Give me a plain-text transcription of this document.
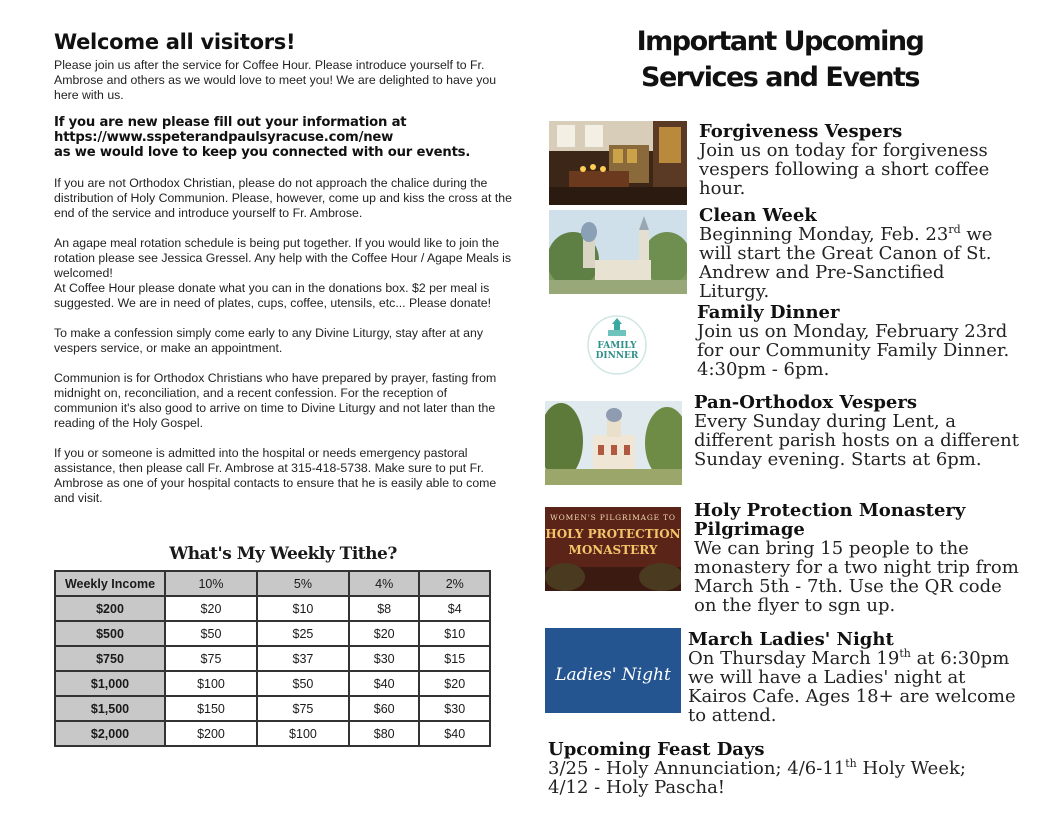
Welcome all visitors!

Please join us after the service for Coffee Hour. Please introduce yourself to Fr. Ambrose and others as we would love to meet you! We are delighted to have you here with us.

If you are new please fill out your information at
https://www.sspeterandpaulsyracuse.com/new
as we would love to keep you connected with our events.

If you are not Orthodox Christian, please do not approach the chalice during the distribution of Holy Communion. Please, however, come up and kiss the cross at the end of the service and introduce yourself to Fr. Ambrose.

An agape meal rotation schedule is being put together. If you would like to join the rotation please see Jessica Gressel. Any help with the Coffee Hour / Agape Meals is welcomed!

At Coffee Hour please donate what you can in the donations box. $2 per meal is suggested. We are in need of plates, cups, coffee, utensils, etc... Please donate!

To make a confession simply come early to any Divine Liturgy, stay after at any vespers service, or make an appointment.

Communion is for Orthodox Christians who have prepared by prayer, fasting from midnight on, reconciliation, and a recent confession. For the reception of communion it's also good to arrive on time to Divine Liturgy and not later than the reading of the Holy Gospel.

If you or someone is admitted into the hospital or needs emergency pastoral assistance, then please call Fr. Ambrose at 315-418-5738. Make sure to put Fr. Ambrose as one of your hospital contacts to ensure that he is easily able to come and visit.

What's My Weekly Tithe?
Weekly Income	10%	5%	4%	2%
$200	$20	$10	$8	$4
$500	$50	$25	$20	$10
$750	$75	$37	$30	$15
$1,000	$100	$50	$40	$20
$1,500	$150	$75	$60	$30
$2,000	$200	$100	$80	$40
Important Upcoming
Services and Events

Forgiveness Vespers

Join us on today for forgiveness vespers following a short coffee hour.

Clean Week

Beginning Monday, Feb. 23rd we will start the Great Canon of St. Andrew and Pre-Sanctified Liturgy.

FAMILY
DINNER

Family Dinner

Join us on Monday, February 23rd for our Community Family Dinner. 4:30pm - 6pm.

Pan-Orthodox Vespers

Every Sunday during Lent, a different parish hosts on a different Sunday evening. Starts at 6pm.

WOMEN'S PILGRIMAGE TO
HOLY PROTECTION
MONASTERY

Holy Protection Monastery

Pilgrimage

We can bring 15 people to the monastery for a two night trip from March 5th - 7th. Use the QR code on the flyer to sgn up.

Ladies' Night

March Ladies' Night

On Thursday March 19th at 6:30pm we will have a Ladies' night at Kairos Cafe. Ages 18+ are welcome to attend.

Upcoming Feast Days

3/25 - Holy Annunciation; 4/6-11th Holy Week;

4/12 - Holy Pascha!
